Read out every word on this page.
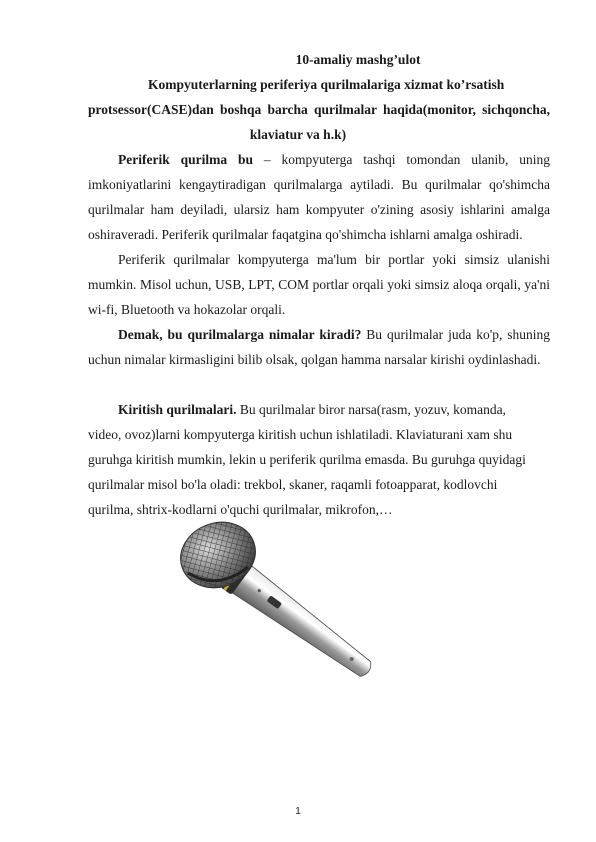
10-amaliy mashg’ulot
Kompyuterlarning periferiya qurilmalariga xizmat ko’rsatish
protsessor(CASE)dan boshqa barcha qurilmalar haqida(monitor, sichqoncha,
klaviatur va h.k)
Periferik qurilma bu – kompyuterga tashqi tomondan ulanib, uning imkoniyatlarini kengaytiradigan qurilmalarga aytiladi. Bu qurilmalar qo'shimcha qurilmalar ham deyiladi, ularsiz ham kompyuter o'zining asosiy ishlarini amalga oshiraveradi. Periferik qurilmalar faqatgina qo'shimcha ishlarni amalga oshiradi.
Periferik qurilmalar kompyuterga ma'lum bir portlar yoki simsiz ulanishi mumkin. Misol uchun, USB, LPT, COM portlar orqali yoki simsiz aloqa orqali, ya'ni wi-fi, Bluetooth va hokazolar orqali.
Demak, bu qurilmalarga nimalar kiradi? Bu qurilmalar juda ko'p, shuning uchun nimalar kirmasligini bilib olsak, qolgan hamma narsalar kirishi oydinlashadi.
Kiritish qurilmalari. Bu qurilmalar biror narsa(rasm, yozuv, komanda,
video, ovoz)larni kompyuterga kiritish uchun ishlatiladi. Klaviaturani xam shu
guruhga kiritish mumkin, lekin u periferik qurilma emasda. Bu guruhga quyidagi
qurilmalar misol bo'la oladi: trekbol, skaner, raqamli fotoapparat, kodlovchi
qurilma, shtrix-kodlarni o'quchi qurilmalar, mikrofon,…
1
